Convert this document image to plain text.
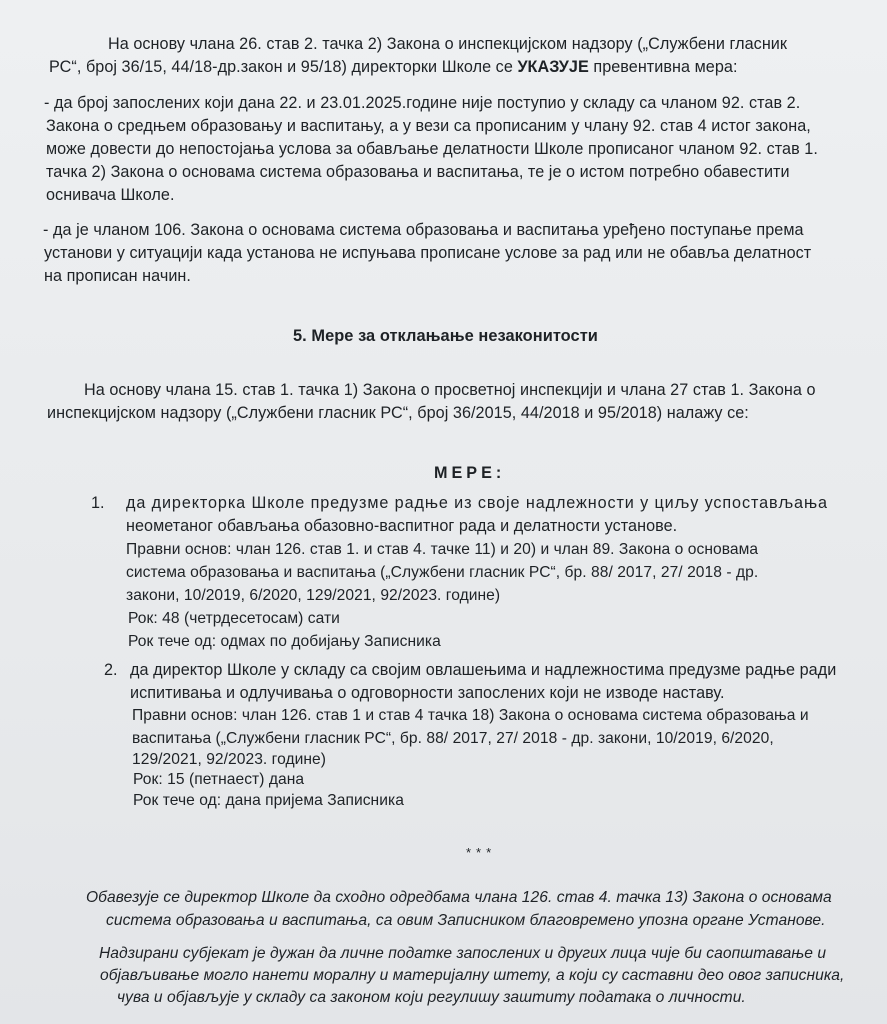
На основу члана 26. став 2. тачка 2) Закона о инспекцијском надзору („Службени гласник
РС“, број 36/15, 44/18-др.закон и 95/18) директорки Школе се УКАЗУЈЕ превентивна мера:
- да број запослених који дана 22. и 23.01.2025.године није поступио у складу са чланом 92. став 2.
Закона о средњем образовању и васпитању, а у вези са прописаним у члану 92. став 4 истог закона,
може довести до непостојања услова за обављање делатности Школе прописаног чланом 92. став 1.
тачка 2) Закона о основама система образовања и васпитања, те је о истом потребно обавестити
оснивача Школе.
- да је чланом 106. Закона о основама система образовања и васпитања уређено поступање према
установи у ситуацији када установа не испуњава прописане услове за рад или не обавља делатност
на прописан начин.
5. Мере за отклањање незаконитости
На основу члана 15. став 1. тачка 1) Закона о просветној инспекцији и члана 27 став 1. Закона о
инспекцијском надзору („Службени гласник РС“, број 36/2015, 44/2018 и 95/2018) налажу се:
МЕРЕ:
1. да директорка Школе предузме радње из своје надлежности у циљу успостављања
неометаног обављања обазовно-васпитног рада и делатности установе.
Правни основ: члан 126. став 1. и став 4. тачке 11) и 20) и члан 89. Закона о основама
система образовања и васпитања („Службени гласник РС“, бр. 88/ 2017, 27/ 2018 - др.
закони, 10/2019, 6/2020, 129/2021, 92/2023. године)
Рок: 48 (четрдесетосам) сати
Рок тече од: одмах по добијању Записника
2. да директор Школе у складу са својим овлашењима и надлежностима предузме радње ради
испитивања и одлучивања о одговорности запослених који не изводе наставу.
Правни основ: члан 126. став 1 и став 4 тачка 18) Закона о основама система образовања и
васпитања („Службени гласник РС“, бр. 88/ 2017, 27/ 2018 - др. закони, 10/2019, 6/2020,
129/2021, 92/2023. године)
Рок: 15 (петнаест) дана
Рок тече од: дана пријема Записника
***
Обавезује се директор Школе да сходно одредбама члана 126. став 4. тачка 13) Закона о основама
система образовања и васпитања, са овим Записником благовремено упозна органе Установе.
Надзирани субјекат је дужан да личне податке запослених и других лица чије би саопштавање и
објављивање могло нанети моралну и материјалну штету, а који су саставни део овог записника,
чува и објављује у складу са законом који регулишу заштиту података о личности.
